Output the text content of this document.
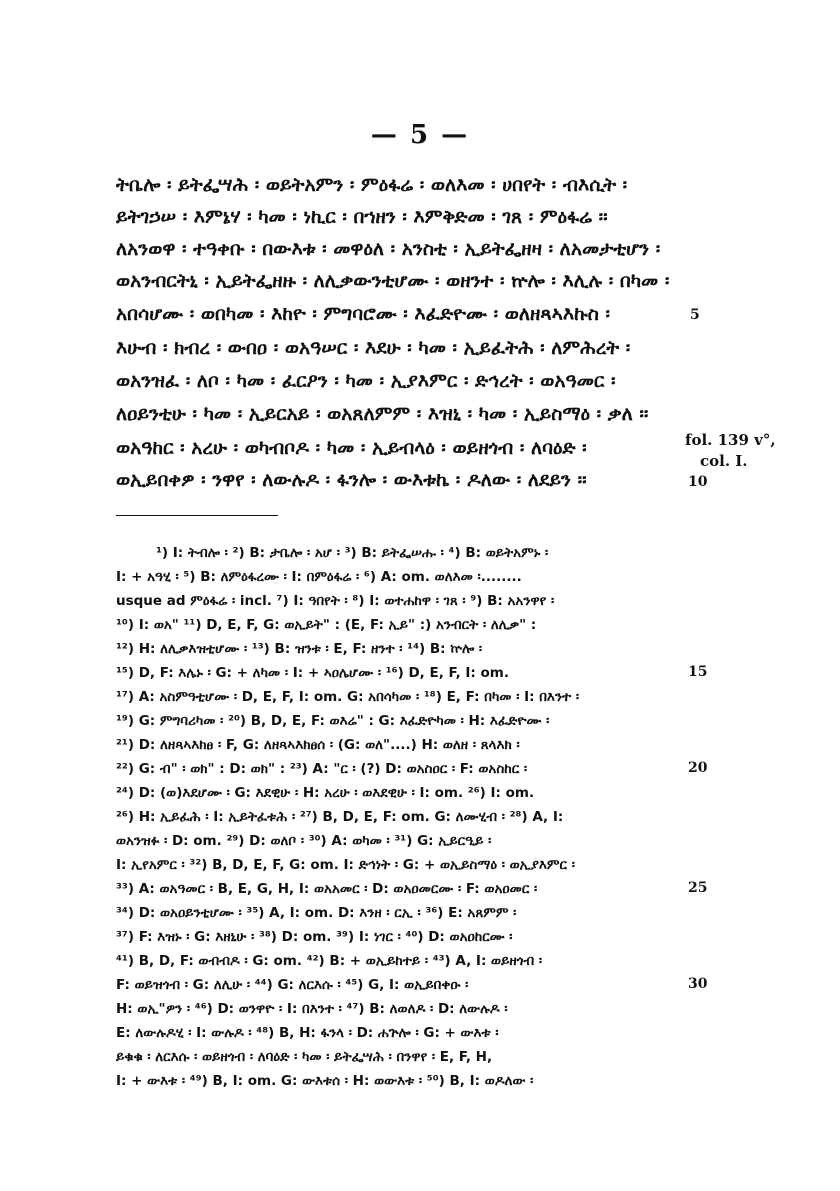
— 5 —
ትቤሎ ፡ ይትፌሣሕ ፡ ወይትአምን ፡ ምዕፋሬ ፡ ወለእመ ፡ ሀበየት ፡ ብእሲት ፡
ይትገኃሠ ፡ እምኔሃ ፡ ካመ ፡ ነኪር ፡ በኀዘን ፡ እምቅድመ ፡ ገጸ ፡ ምዕፋሬ ፡፡
ለአንወዋ ፡ ተዓቀቡ ፡ በውእቱ ፡ መዋዕለ ፡ አንስቲ ፡ ኢይትፌዘዛ ፡ ለአመታቲሆን ፡
ወአንብርትኒ ፡ ኢይትፌዘዙ ፡ ለሊቃውንቲሆሙ ፡ ወዘንተ ፡ ኵሎ ፡ እሊሉ ፡ በካመ ፡
አበሳሆሙ ፡ ወበካመ ፡ እከዮ ፡ ምግባሮሙ ፡ እፈድዮሙ ፡ ወለዘጻኣእኩስ ፡
እሁብ ፡ ክብረ ፡ ውበዐ ፡ ወአዓሠር ፡ እደሁ ፡ ካመ ፡ ኢይፈትሕ ፡ ለምሕረት ፡
ወአንዝፈ ፡ ለቦ ፡ ካመ ፡ ፈርዖን ፡ ካመ ፡ ኢያእምር ፡ ድኅረት ፡ ወአዓመር ፡
ለዐይንቲሁ ፡ ካመ ፡ ኢይርአይ ፡ ወአጸለምም ፡ እዝኒ ፡ ካመ ፡ ኢይስማዕ ፡ ቃለ ፡፡
ወአዓከር ፡ አረሁ ፡ ወካብቦዶ ፡ ካመ ፡ ኢይብላዕ ፡ ወይዘጎብ ፡ ለባዕድ ፡
ወኢይበቀዎ ፡ ንዋየ ፡ ለውሉዶ ፡ ፋንሎ ፡ ውእቱኬ ፡ ዶለው ፡ ለደይን ፡፡
5
fol. 139 v°,
col. I.
10
¹) I: ትብሎ ፡ ²) B: ታቤሎ ፡ አሆ ፡ ³) B: ይትፌሠሑ ፡ ⁴) B: ወይትአምኑ ፡
I: + አዓሂ ፡ ⁵) B: ለምዕፋረሙ ፡ I: በምዕፋሬ ፡ ⁶) A: om. ወለእመ ፡........
usque ad ምዕፋሬ ፡ incl. ⁷) I: ዓበየት ፡ ⁸) I: ወተሐከዋ ፡ ገጸ ፡ ⁹) B: አአንዋየ ፡
¹⁰) I: ወአ" ¹¹) D, E, F, G: ወኢይት" : (E, F: ኢይ" :) አንብርት ፡ ለሊቃ" :
¹²) H: ለሊቃእዝቲሆሙ ፡ ¹³) B: ዝንቱ ፡ E, F: ዘንተ ፡ ¹⁴) B: ኵሎ ፡
¹⁵) D, F: እሌኑ ፡ G: + ለካመ ፡ I: + ኣዐሌሆሙ ፡ ¹⁶) D, E, F, I: om.
¹⁷) A: አስምዓቲሆሙ ፡ D, E, F, I: om. G: አበሳካመ ፡ ¹⁸) E, F: በካመ ፡ I: በእንተ ፡
¹⁹) G: ምግባሪካመ ፡ ²⁰) B, D, E, F: ወእሬ" : G: እፈድዮካመ ፡ H: እፈድዮሙ ፡
²¹) D: ለዘጻኣእክፀ ፡ F, G: ለዘጻኣእክፀሰ ፡ (G: ወለ"....) H: ወለዘ ፡ ጸላእክ ፡
²²) G: ብ" ፡ ወክ" : D: ወክ" : ²³) A: "ር ፡ (?) D: ወአስዐር ፡ F: ወአስከር ፡
²⁴) D: (ወ)እደሆሙ ፡ G: እደዊሁ ፡ H: አረሁ ፡ ወእደዊሁ ፡ I: om. ²⁶) I: om.
²⁶) H: ኢይፈሕ ፡ I: ኢይትፈቱሕ ፡ ²⁷) B, D, E, F: om. G: ለሙሂብ ፡ ²⁸) A, I:
ወአንዝፉ ፡ D: om. ²⁹) D: ወለቦ ፡ ³⁰) A: ወካመ ፡ ³¹) G: ኢይርዒይ ፡
I: ኢየአምር ፡ ³²) B, D, E, F, G: om. I: ድኅነት ፡ G: + ወኢይስማዕ ፡ ወኢያእምር ፡
³³) A: ወአዓመር ፡ B, E, G, H, I: ወአአመር ፡ D: ወአዐመርሙ ፡ F: ወአዐመር ፡
³⁴) D: ወአዐይንቲሆሙ ፡ ³⁵) A, I: om. D: እንዘ ፡ ርኢ ፡ ³⁶) E: አጸምም ፡
³⁷) F: እዝኑ ፡ G: እዘኒሁ ፡ ³⁸) D: om. ³⁹) I: ነገር ፡ ⁴⁰) D: ወአዐከርሙ ፡
⁴¹) B, D, F: ወብብዶ ፡ G: om. ⁴²) B: + ወኢይከተይ ፡ ⁴³) A, I: ወይዘጎብ ፡
F: ወይዝጎብ ፡ G: ለሊሁ ፡ ⁴⁴) G: ለርእሱ ፡ ⁴⁵) G, I: ወኢይበቀዑ ፡
H: ወኢ"ዎን ፡ ⁴⁶) D: ወንዋዮ ፡ I: በእንተ ፡ ⁴⁷) B: ለወለዶ ፡ D: ለውሉዶ ፡
E: ለውሉዶሂ ፡ I: ውሉዶ ፡ ⁴⁸) B, H: ፋንላ ፡ D: ሐጕሎ ፡ G: + ውእቱ ፡
ይቁቁ ፡ ለርእሱ ፡ ወይዘጎብ ፡ ለባዕድ ፡ ካመ ፡ ይትፌሣሕ ፡ በንዋየ ፡ E, F, H,
I: + ውእቱ ፡ ⁴⁹) B, I: om. G: ውእቱሰ ፡ H: ወውእቱ ፡ ⁵⁰) B, I: ወዶለው ፡
15
20
25
30
